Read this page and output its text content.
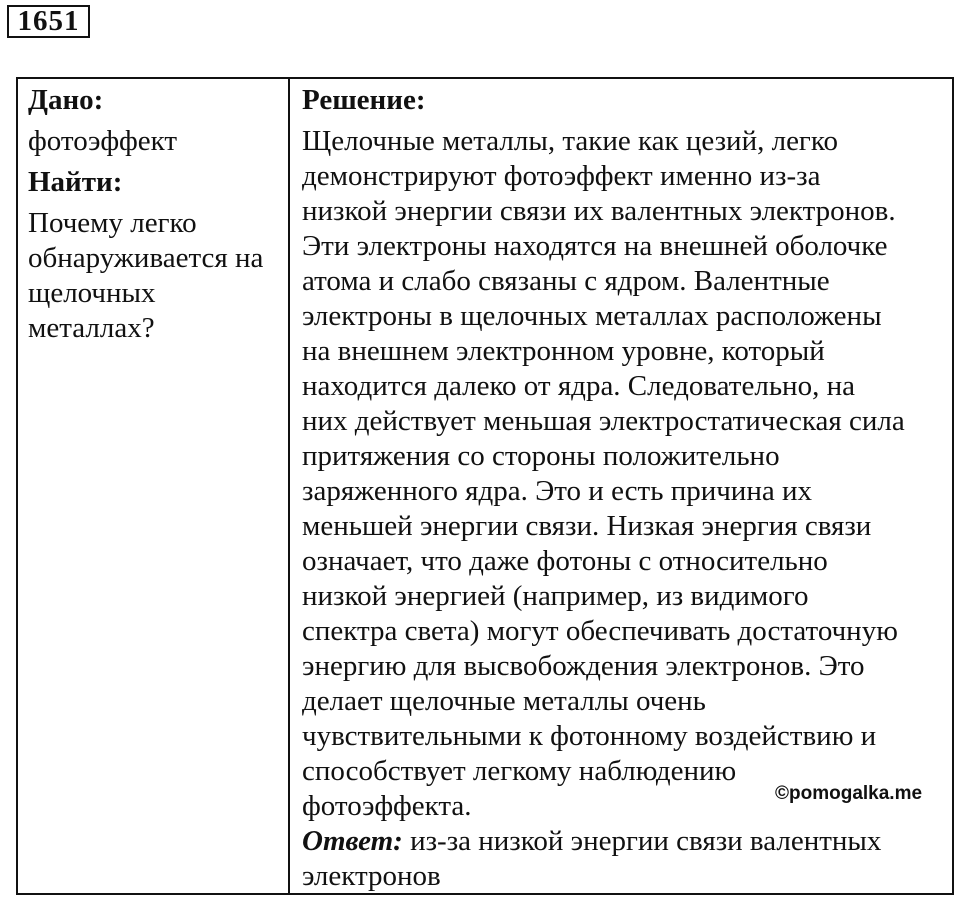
1651
Дано:
фотоэффект
Найти:
Почему легко
обнаруживается на
щелочных
металлах?
Решение:
Щелочные металлы, такие как цезий, легко
демонстрируют фотоэффект именно из-за
низкой энергии связи их валентных электронов.
Эти электроны находятся на внешней оболочке
атома и слабо связаны с ядром. Валентные
электроны в щелочных металлах расположены
на внешнем электронном уровне, который
находится далеко от ядра. Следовательно, на
них действует меньшая электростатическая сила
притяжения со стороны положительно
заряженного ядра. Это и есть причина их
меньшей энергии связи. Низкая энергия связи
означает, что даже фотоны с относительно
низкой энергией (например, из видимого
спектра света) могут обеспечивать достаточную
энергию для высвобождения электронов. Это
делает щелочные металлы очень
чувствительными к фотонному воздействию и
способствует легкому наблюдению
фотоэффекта.
Ответ: из-за низкой энергии связи валентных
электронов
©pomogalka.me
